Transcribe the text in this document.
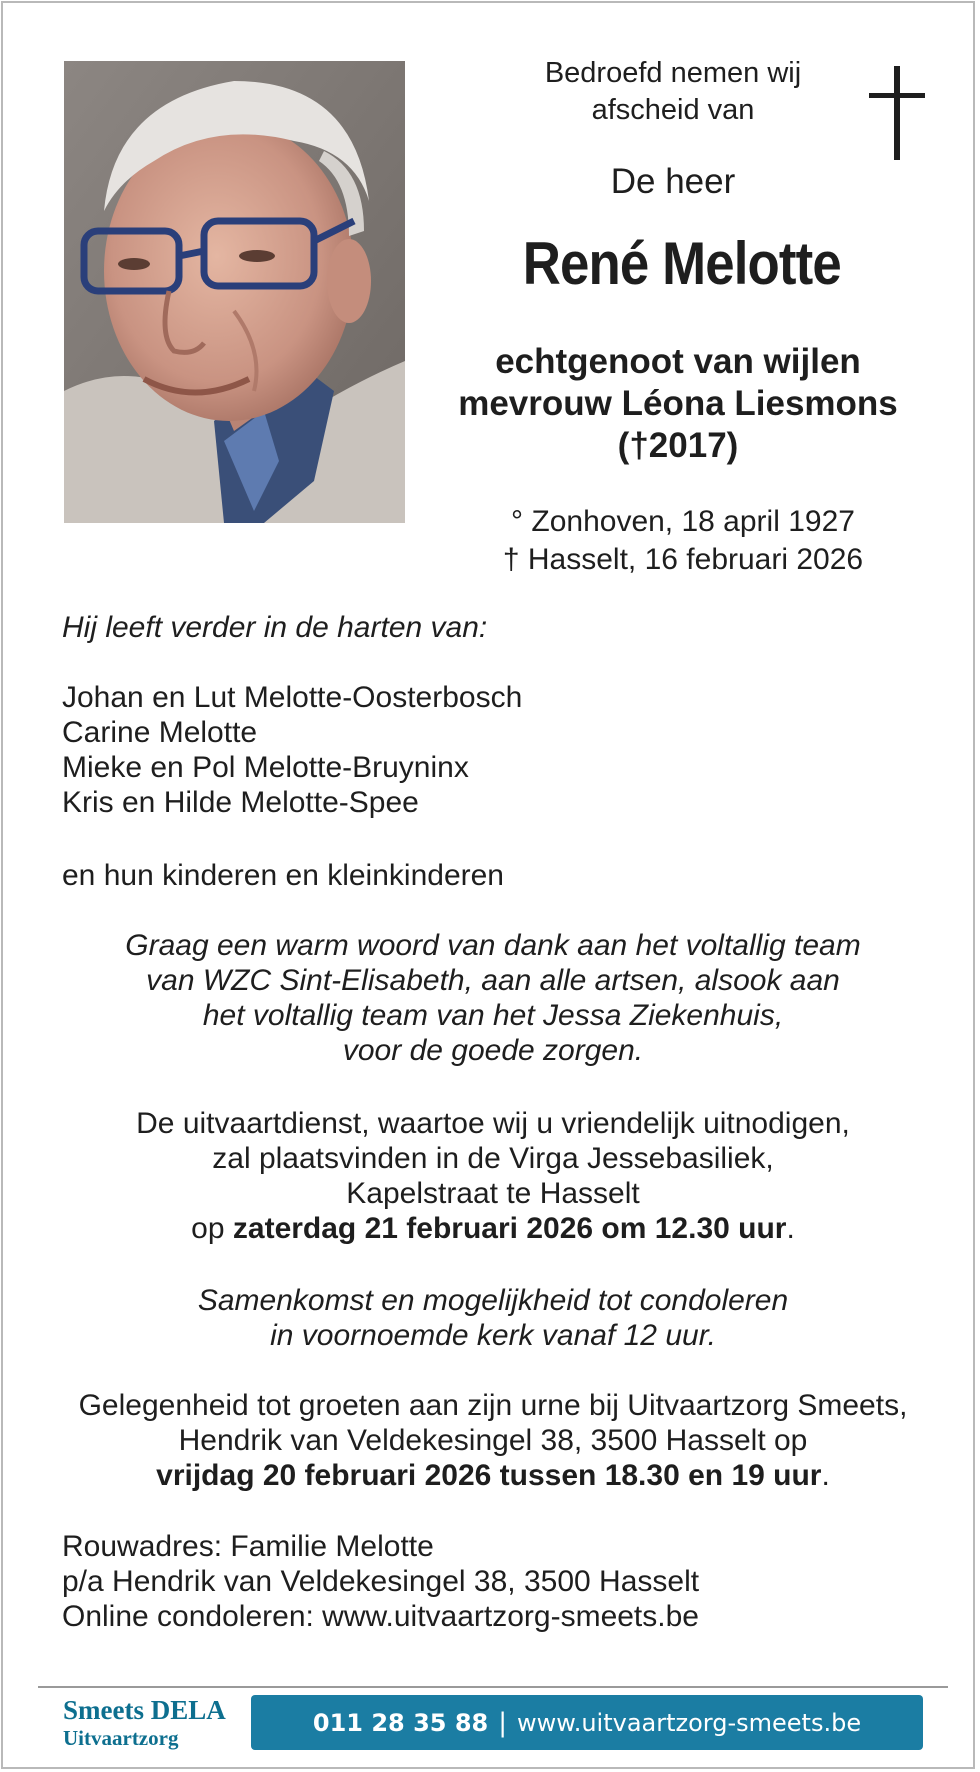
Bedroefd nemen wij
afscheid van
De heer
René Melotte
echtgenoot van wijlen
mevrouw Léona Liesmons
(†2017)
° Zonhoven, 18 april 1927
† Hasselt, 16 februari 2026
Hij leeft verder in de harten van:
Johan en Lut Melotte-Oosterbosch
Carine Melotte
Mieke en Pol Melotte-Bruyninx
Kris en Hilde Melotte-Spee
en hun kinderen en kleinkinderen
Graag een warm woord van dank aan het voltallig team
van WZC Sint-Elisabeth, aan alle artsen, alsook aan
het voltallig team van het Jessa Ziekenhuis,
voor de goede zorgen.
De uitvaartdienst, waartoe wij u vriendelijk uitnodigen,
zal plaatsvinden in de Virga Jessebasiliek,
Kapelstraat te Hasselt
op zaterdag 21 februari 2026 om 12.30 uur.
Samenkomst en mogelijkheid tot condoleren
in voornoemde kerk vanaf 12 uur.
Gelegenheid tot groeten aan zijn urne bij Uitvaartzorg Smeets,
Hendrik van Veldekesingel 38, 3500 Hasselt op
vrijdag 20 februari 2026 tussen 18.30 en 19 uur.
Rouwadres: Familie Melotte
p/a Hendrik van Veldekesingel 38, 3500 Hasselt
Online condoleren: www.uitvaartzorg-smeets.be
Smeets DELA
Uitvaartzorg
011 28 35 88 | www.uitvaartzorg-smeets.be
